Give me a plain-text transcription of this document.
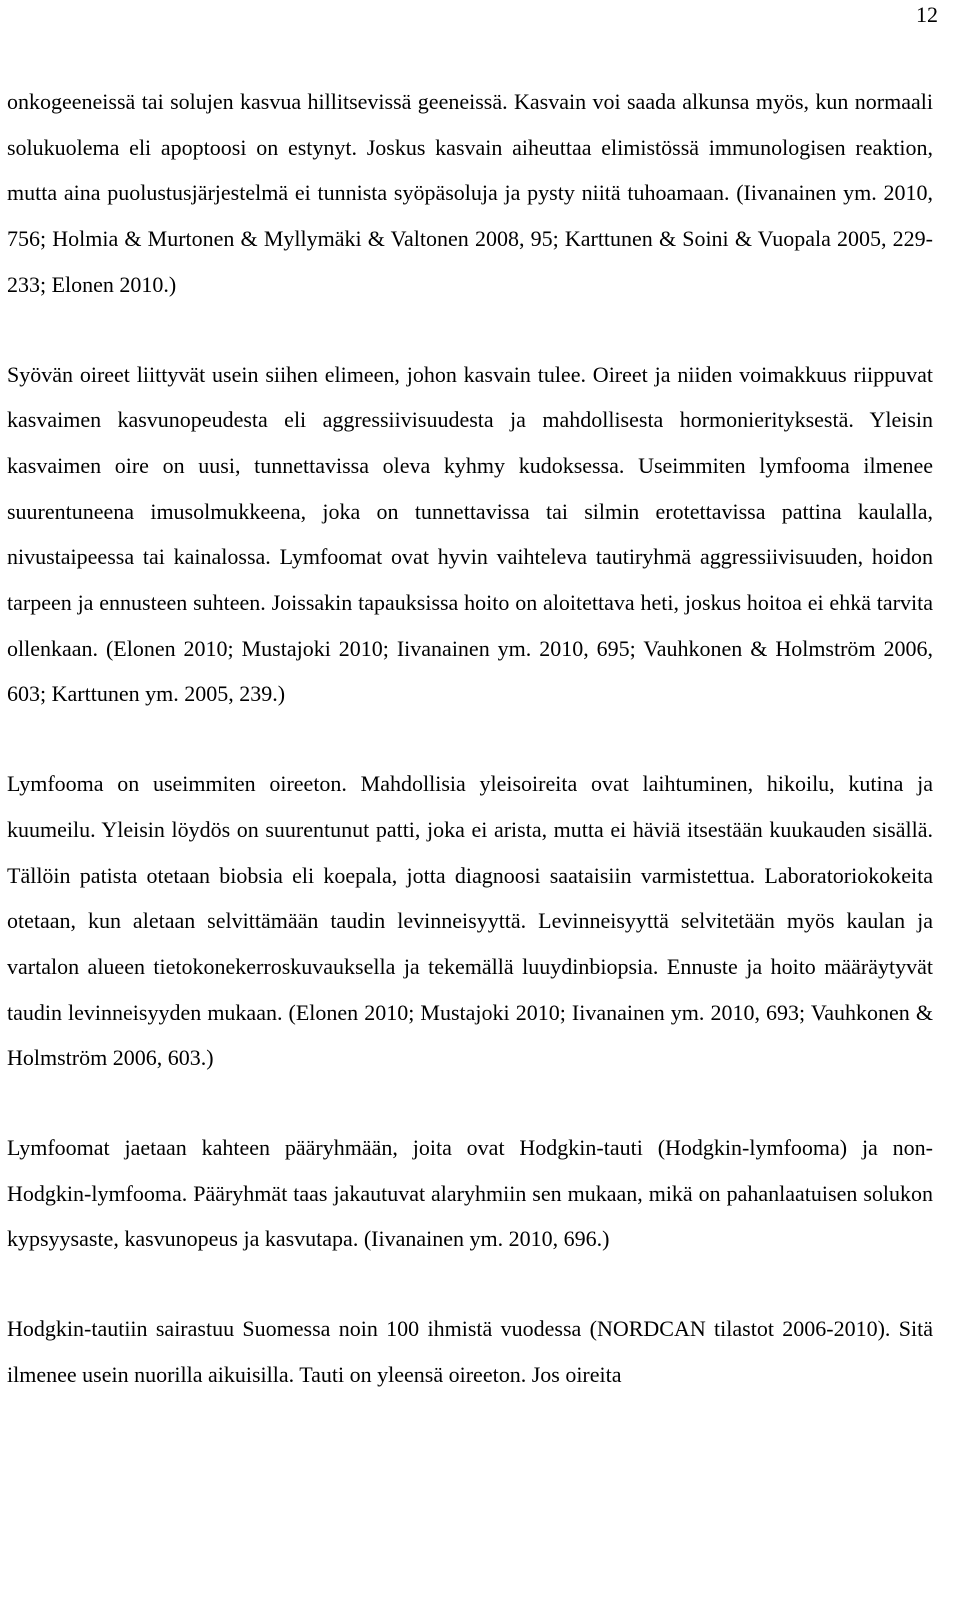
12

onkogeeneissä tai solujen kasvua hillitsevissä geeneissä. Kasvain voi saada alkunsa myös, kun normaali solukuolema eli apoptoosi on estynyt. Joskus kasvain aiheuttaa elimistössä immunologisen reaktion, mutta aina puolustusjärjestelmä ei tunnista syöpäsoluja ja pysty niitä tuhoamaan. (Iivanainen ym. 2010, 756; Holmia & Murtonen & Myllymäki & Valtonen 2008, 95; Karttunen & Soini & Vuopala 2005, 229-233; Elonen 2010.)

Syövän oireet liittyvät usein siihen elimeen, johon kasvain tulee. Oireet ja niiden voimakkuus riippuvat kasvaimen kasvunopeudesta eli aggressiivisuudesta ja mahdollisesta hormonierityksestä. Yleisin kasvaimen oire on uusi, tunnettavissa oleva kyhmy kudoksessa. Useimmiten lymfooma ilmenee suurentuneena imusolmukkeena, joka on tunnettavissa tai silmin erotettavissa pattina kaulalla, nivustaipeessa tai kainalossa. Lymfoomat ovat hyvin vaihteleva tautiryhmä aggressiivisuuden, hoidon tarpeen ja ennusteen suhteen. Joissakin tapauksissa hoito on aloitettava heti, joskus hoitoa ei ehkä tarvita ollenkaan. (Elonen 2010; Mustajoki 2010; Iivanainen ym. 2010, 695; Vauhkonen & Holmström 2006, 603; Karttunen ym. 2005, 239.)

Lymfooma on useimmiten oireeton. Mahdollisia yleisoireita ovat laihtuminen, hikoilu, kutina ja kuumeilu. Yleisin löydös on suurentunut patti, joka ei arista, mutta ei häviä itsestään kuukauden sisällä. Tällöin patista otetaan biobsia eli koepala, jotta diagnoosi saataisiin varmistettua. Laboratoriokokeita otetaan, kun aletaan selvittämään taudin levinneisyyttä. Levinneisyyttä selvitetään myös kaulan ja vartalon alueen tietokonekerroskuvauksella ja tekemällä luuydinbiopsia. Ennuste ja hoito määräytyvät taudin levinneisyyden mukaan. (Elonen 2010; Mustajoki 2010; Iivanainen ym. 2010, 693; Vauhkonen & Holmström 2006, 603.)

Lymfoomat jaetaan kahteen pääryhmään, joita ovat Hodgkin-tauti (Hodgkin-lymfooma) ja non-Hodgkin-lymfooma. Pääryhmät taas jakautuvat alaryhmiin sen mukaan, mikä on pahanlaatuisen solukon kypsyysaste, kasvunopeus ja kasvutapa. (Iivanainen ym. 2010, 696.)

Hodgkin-tautiin sairastuu Suomessa noin 100 ihmistä vuodessa (NORDCAN tilastot 2006-2010). Sitä ilmenee usein nuorilla aikuisilla. Tauti on yleensä oireeton. Jos oireita
